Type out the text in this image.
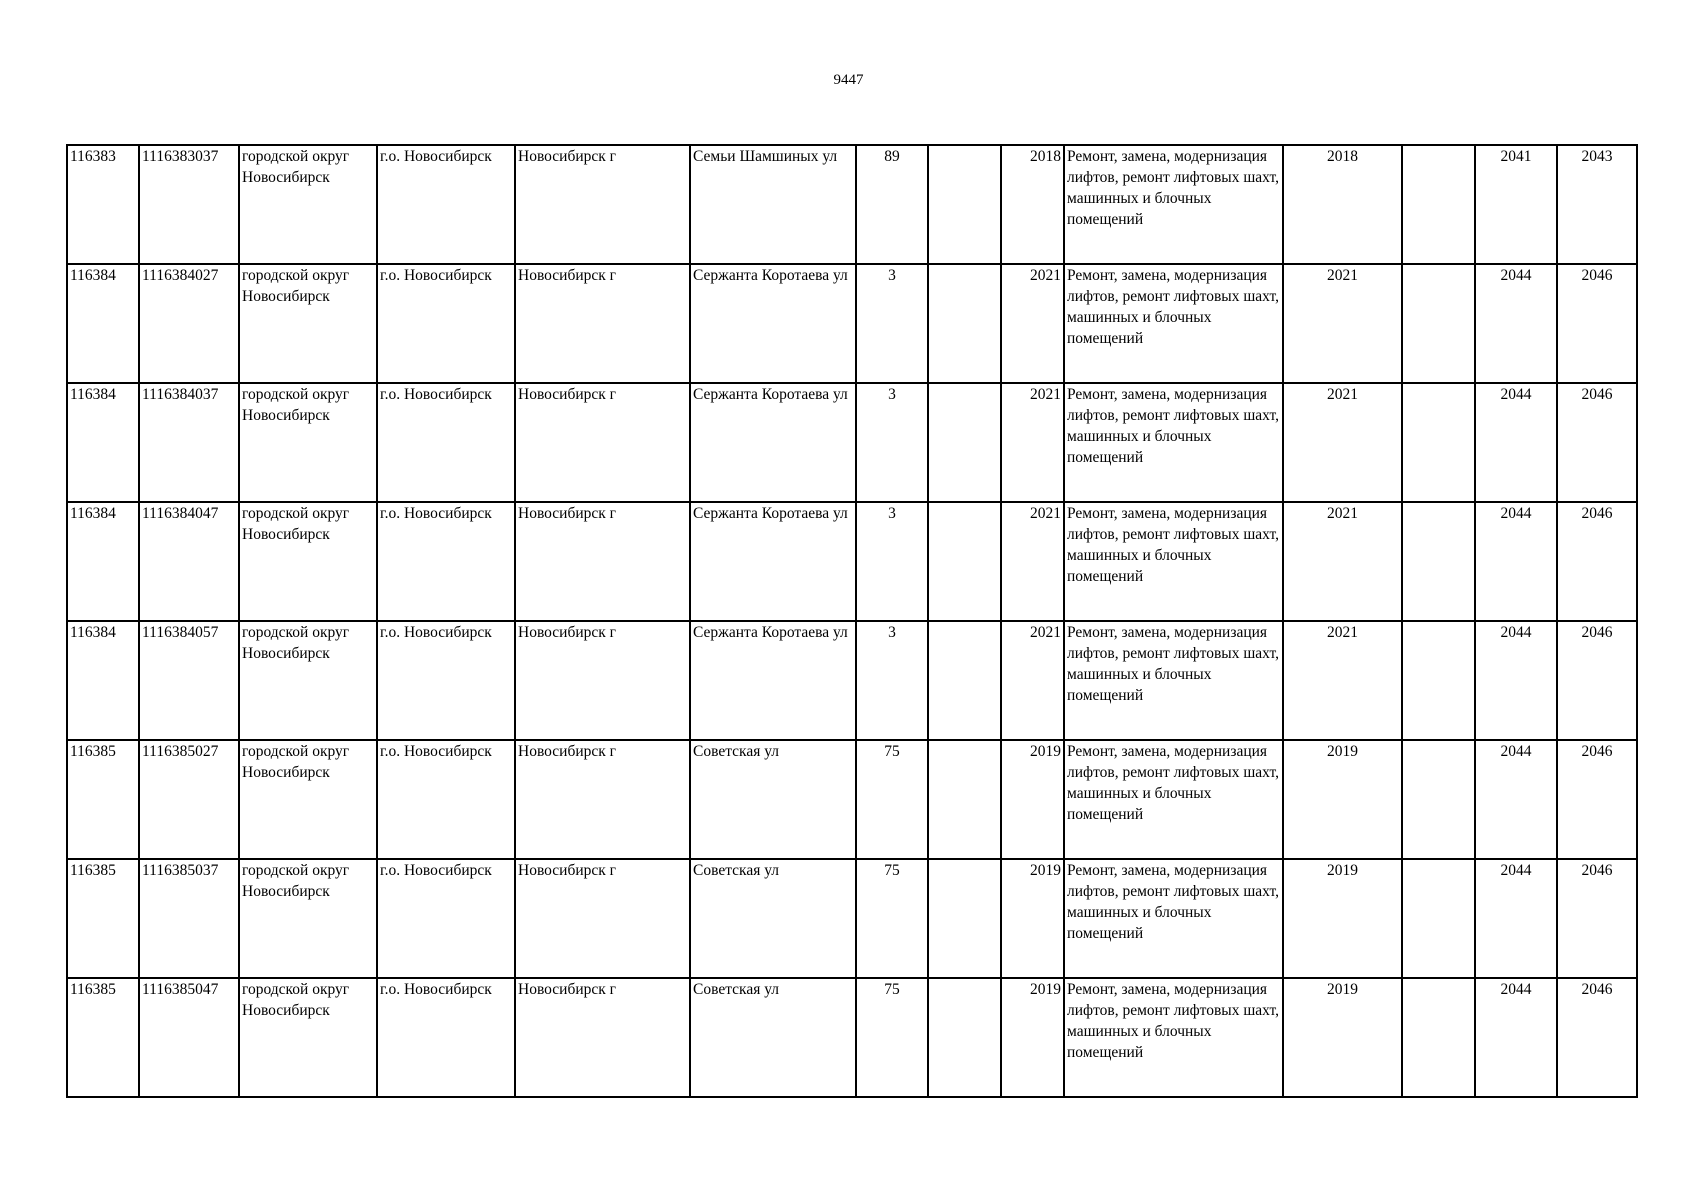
9447
116383	1116383037	городской округ Новосибирск	г.о. Новосибирск	Новосибирск г	Семьи Шамшиных ул	89		2018	Ремонт, замена, модернизация лифтов, ремонт лифтовых шахт, машинных и блочных помещений	2018		2041	2043
116384	1116384027	городской округ Новосибирск	г.о. Новосибирск	Новосибирск г	Сержанта Коротаева ул	3		2021	Ремонт, замена, модернизация лифтов, ремонт лифтовых шахт, машинных и блочных помещений	2021		2044	2046
116384	1116384037	городской округ Новосибирск	г.о. Новосибирск	Новосибирск г	Сержанта Коротаева ул	3		2021	Ремонт, замена, модернизация лифтов, ремонт лифтовых шахт, машинных и блочных помещений	2021		2044	2046
116384	1116384047	городской округ Новосибирск	г.о. Новосибирск	Новосибирск г	Сержанта Коротаева ул	3		2021	Ремонт, замена, модернизация лифтов, ремонт лифтовых шахт, машинных и блочных помещений	2021		2044	2046
116384	1116384057	городской округ Новосибирск	г.о. Новосибирск	Новосибирск г	Сержанта Коротаева ул	3		2021	Ремонт, замена, модернизация лифтов, ремонт лифтовых шахт, машинных и блочных помещений	2021		2044	2046
116385	1116385027	городской округ Новосибирск	г.о. Новосибирск	Новосибирск г	Советская ул	75		2019	Ремонт, замена, модернизация лифтов, ремонт лифтовых шахт, машинных и блочных помещений	2019		2044	2046
116385	1116385037	городской округ Новосибирск	г.о. Новосибирск	Новосибирск г	Советская ул	75		2019	Ремонт, замена, модернизация лифтов, ремонт лифтовых шахт, машинных и блочных помещений	2019		2044	2046
116385	1116385047	городской округ Новосибирск	г.о. Новосибирск	Новосибирск г	Советская ул	75		2019	Ремонт, замена, модернизация лифтов, ремонт лифтовых шахт, машинных и блочных помещений	2019		2044	2046
